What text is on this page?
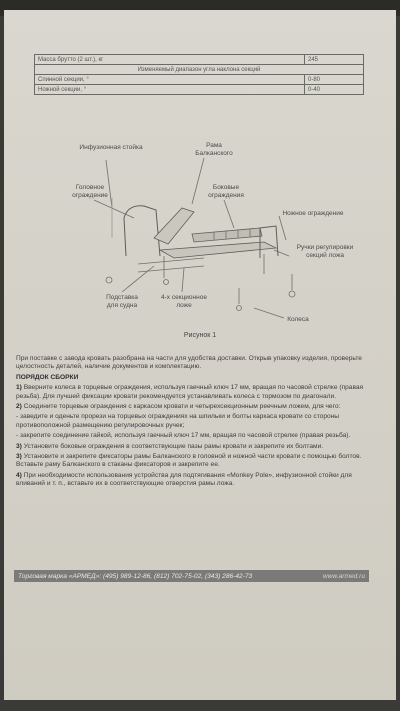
Масса брутто (2 шт.), кг	245
Изменяемый диапазон угла наклона секций	
Спинной секции, °	0-80
Ножной секции, °	0-40
Инфузионная стойка	Рама
Балканского
Головное
ограждение
Боковые
ограждения
Ножное ограждение
Ручки регулировки
секций ложа
Колеса
Подставка
для судна
4-х секционное
ложе
Рисунок 1

При поставке с завода кровать разобрана на части для удобства доставки. Открыв упаковку изделия, проверьте целостность деталей, наличие документов и комплектацию.

ПОРЯДОК СБОРКИ

1) Вверните колеса в торцевые ограждения, используя гаечный ключ 17 мм, вращая по часовой стрелке (правая резьба). Для лучшей фиксации кровати рекомендуется устанавливать колеса с тормозом по диагонали.

2) Соедините торцевые ограждения с каркасом кровати и четырехсекционным реечным ложем, для чего:

- заведите и оденьте прорези на торцевых ограждениях на шпильки и болты каркаса кровати со стороны противоположной размещению регулировочных ручек;

- закрепите соединение гайкой, используя гаечный ключ 17 мм, вращая по часовой стрелке (правая резьба).

3) Установите боковые ограждения в соответствующие пазы рамы кровати и закрепите их болтами.

3) Установите и закрепите фиксаторы рамы Балканского в головной и ножной части кровати с помощью болтов. Вставьте раму Балканского в стаканы фиксаторов и закрепите ее.

4) При необходимости использования устройства для подтягивания «Monkey Pole», инфузионной стойки для вливаний и т. п., вставьте их в соответствующие отверстия рамы ложа.

Торговая марка «АРМЕД»: (495) 989-12-86, (812) 702-75-02, (343) 286-42-73	www.armed.ru
